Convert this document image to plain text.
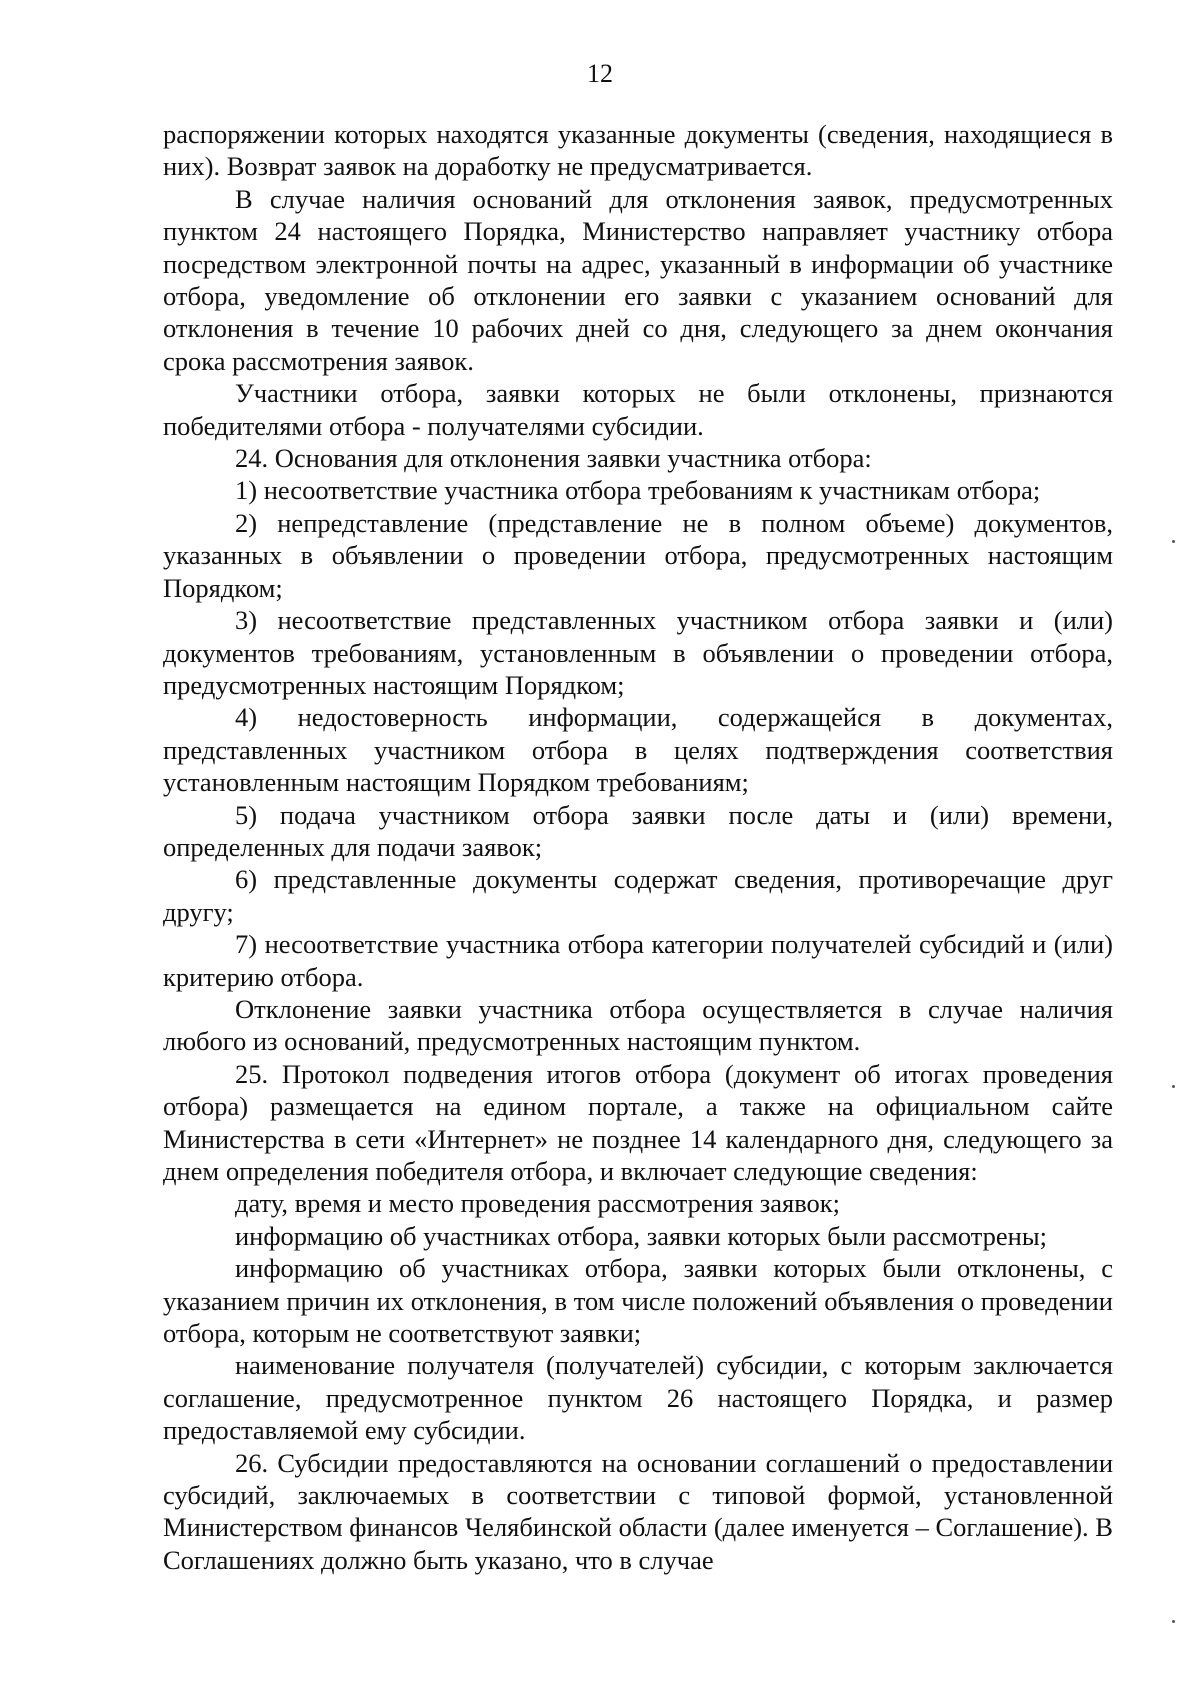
12

распоряжении которых находятся указанные документы (сведения, находящиеся в них). Возврат заявок на доработку не предусматривается.

В случае наличия оснований для отклонения заявок, предусмотренных пунктом 24 настоящего Порядка, Министерство направляет участнику отбора посредством электронной почты на адрес, указанный в информации об участнике отбора, уведомление об отклонении его заявки с указанием оснований для отклонения в течение 10 рабочих дней со дня, следующего за днем окончания срока рассмотрения заявок.

Участники отбора, заявки которых не были отклонены, признаются победителями отбора - получателями субсидии.

24. Основания для отклонения заявки участника отбора:

1) несоответствие участника отбора требованиям к участникам отбора;

2) непредставление (представление не в полном объеме) документов, указанных в объявлении о проведении отбора, предусмотренных настоящим Порядком;

3) несоответствие представленных участником отбора заявки и (или) документов требованиям, установленным в объявлении о проведении отбора, предусмотренных настоящим Порядком;

4) недостоверность информации, содержащейся в документах, представленных участником отбора в целях подтверждения соответствия установленным настоящим Порядком требованиям;

5) подача участником отбора заявки после даты и (или) времени, определенных для подачи заявок;

6) представленные документы содержат сведения, противоречащие друг другу;

7) несоответствие участника отбора категории получателей субсидий и (или) критерию отбора.

Отклонение заявки участника отбора осуществляется в случае наличия любого из оснований, предусмотренных настоящим пунктом.

25. Протокол подведения итогов отбора (документ об итогах проведения отбора) размещается на едином портале, а также на официальном сайте Министерства в сети «Интернет» не позднее 14 календарного дня, следующего за днем определения победителя отбора, и включает следующие сведения:

дату, время и место проведения рассмотрения заявок;

информацию об участниках отбора, заявки которых были рассмотрены;

информацию об участниках отбора, заявки которых были отклонены, с указанием причин их отклонения, в том числе положений объявления о проведении отбора, которым не соответствуют заявки;

наименование получателя (получателей) субсидии, с которым заключается соглашение, предусмотренное пунктом 26 настоящего Порядка, и размер предоставляемой ему субсидии.

26. Субсидии предоставляются на основании соглашений о предоставлении субсидий, заключаемых в соответствии с типовой формой, установленной Министерством финансов Челябинской области (далее именуется – Соглашение). В Соглашениях должно быть указано, что в случае
